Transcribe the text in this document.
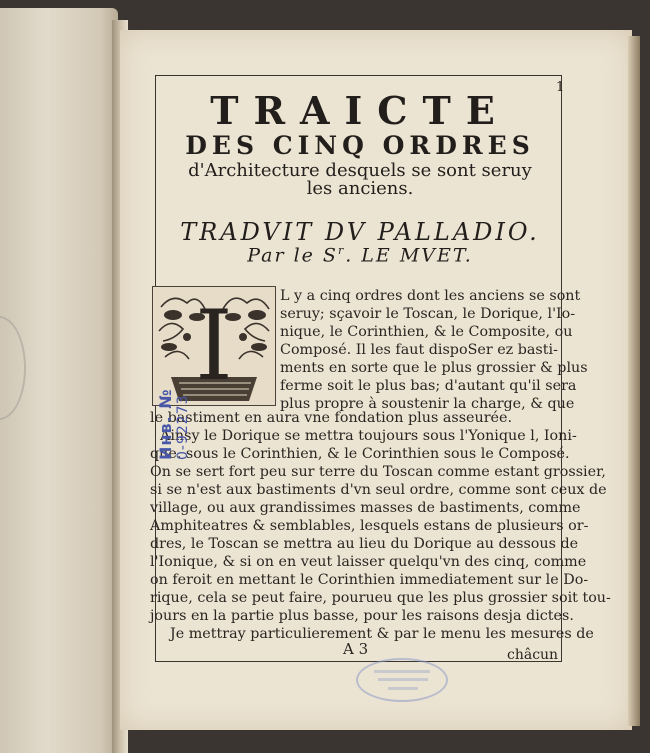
1
TRAICTE
DES CINQ ORDRES

d'Architecture desquels se sont seruy

les anciens.

TRADVIT DV PALLADIO.

Par le $S^r$. LE MVET.

I	L y a cinq ordres dont les anciens se sont

seruy; sçavoir le Toscan, le Dorique, l'Io-

nique, le Corinthien, & le Composite, ou

Composé. Il les faut dispoSer ez basti-

ments en sorte que le plus grossier & plus

ferme soit le plus bas; d'autant qu'il sera

plus propre à soustenir la charge, & que

le bastiment en aura vne fondation plus asseurée.

Ainsy le Dorique se mettra toujours sous l'Yonique l, Ioni-

que. sous le Corinthien, & le Corinthien sous le Composé.

On se sert fort peu sur terre du Toscan comme estant grossier,

si se n'est aux bastiments d'vn seul ordre, comme sont ceux de

village, ou aux grandissimes masses de bastiments, comme

Amphiteatres & semblables, lesquels estans de plusieurs or-

dres, le Toscan se mettra au lieu du Dorique au dessous de

l'Ionique, & si on en veut laisser quelqu'vn des cinq, comme

on feroit en mettant le Corinthien immediatement sur le Do-

rique, cela se peut faire, pourueu que les plus grossier soit tou-

jours en la partie plus basse, pour les raisons desja dictes.

Je mettray particulierement & par le menu les mesures de

A 3	châcun
Инв. № 0-92273
